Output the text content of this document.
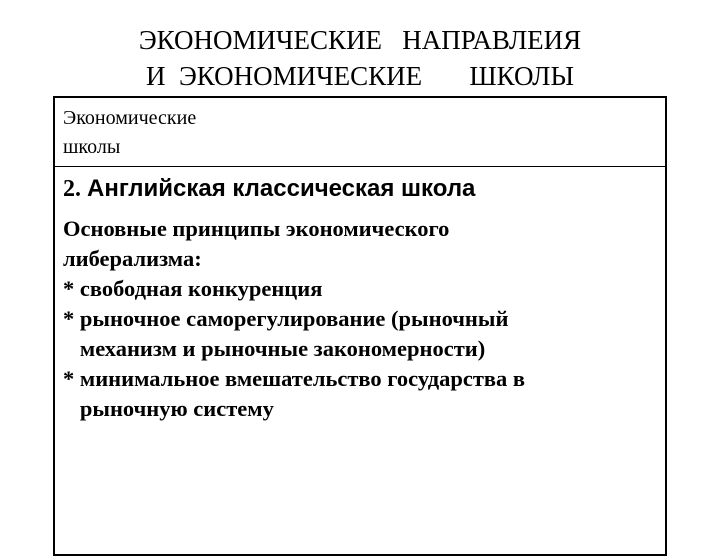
ЭКОНОМИЧЕСКИЕ   НАПРАВЛЕИЯ
И  ЭКОНОМИЧЕСКИЕ       ШКОЛЫ
Экономические
школы
2. Английская классическая школа
Основные принципы экономического либерализма:
* свободная конкуренция
* рыночное саморегулирование (рыночный
механизм и рыночные закономерности)
* минимальное вмешательство государства в
рыночную систему
